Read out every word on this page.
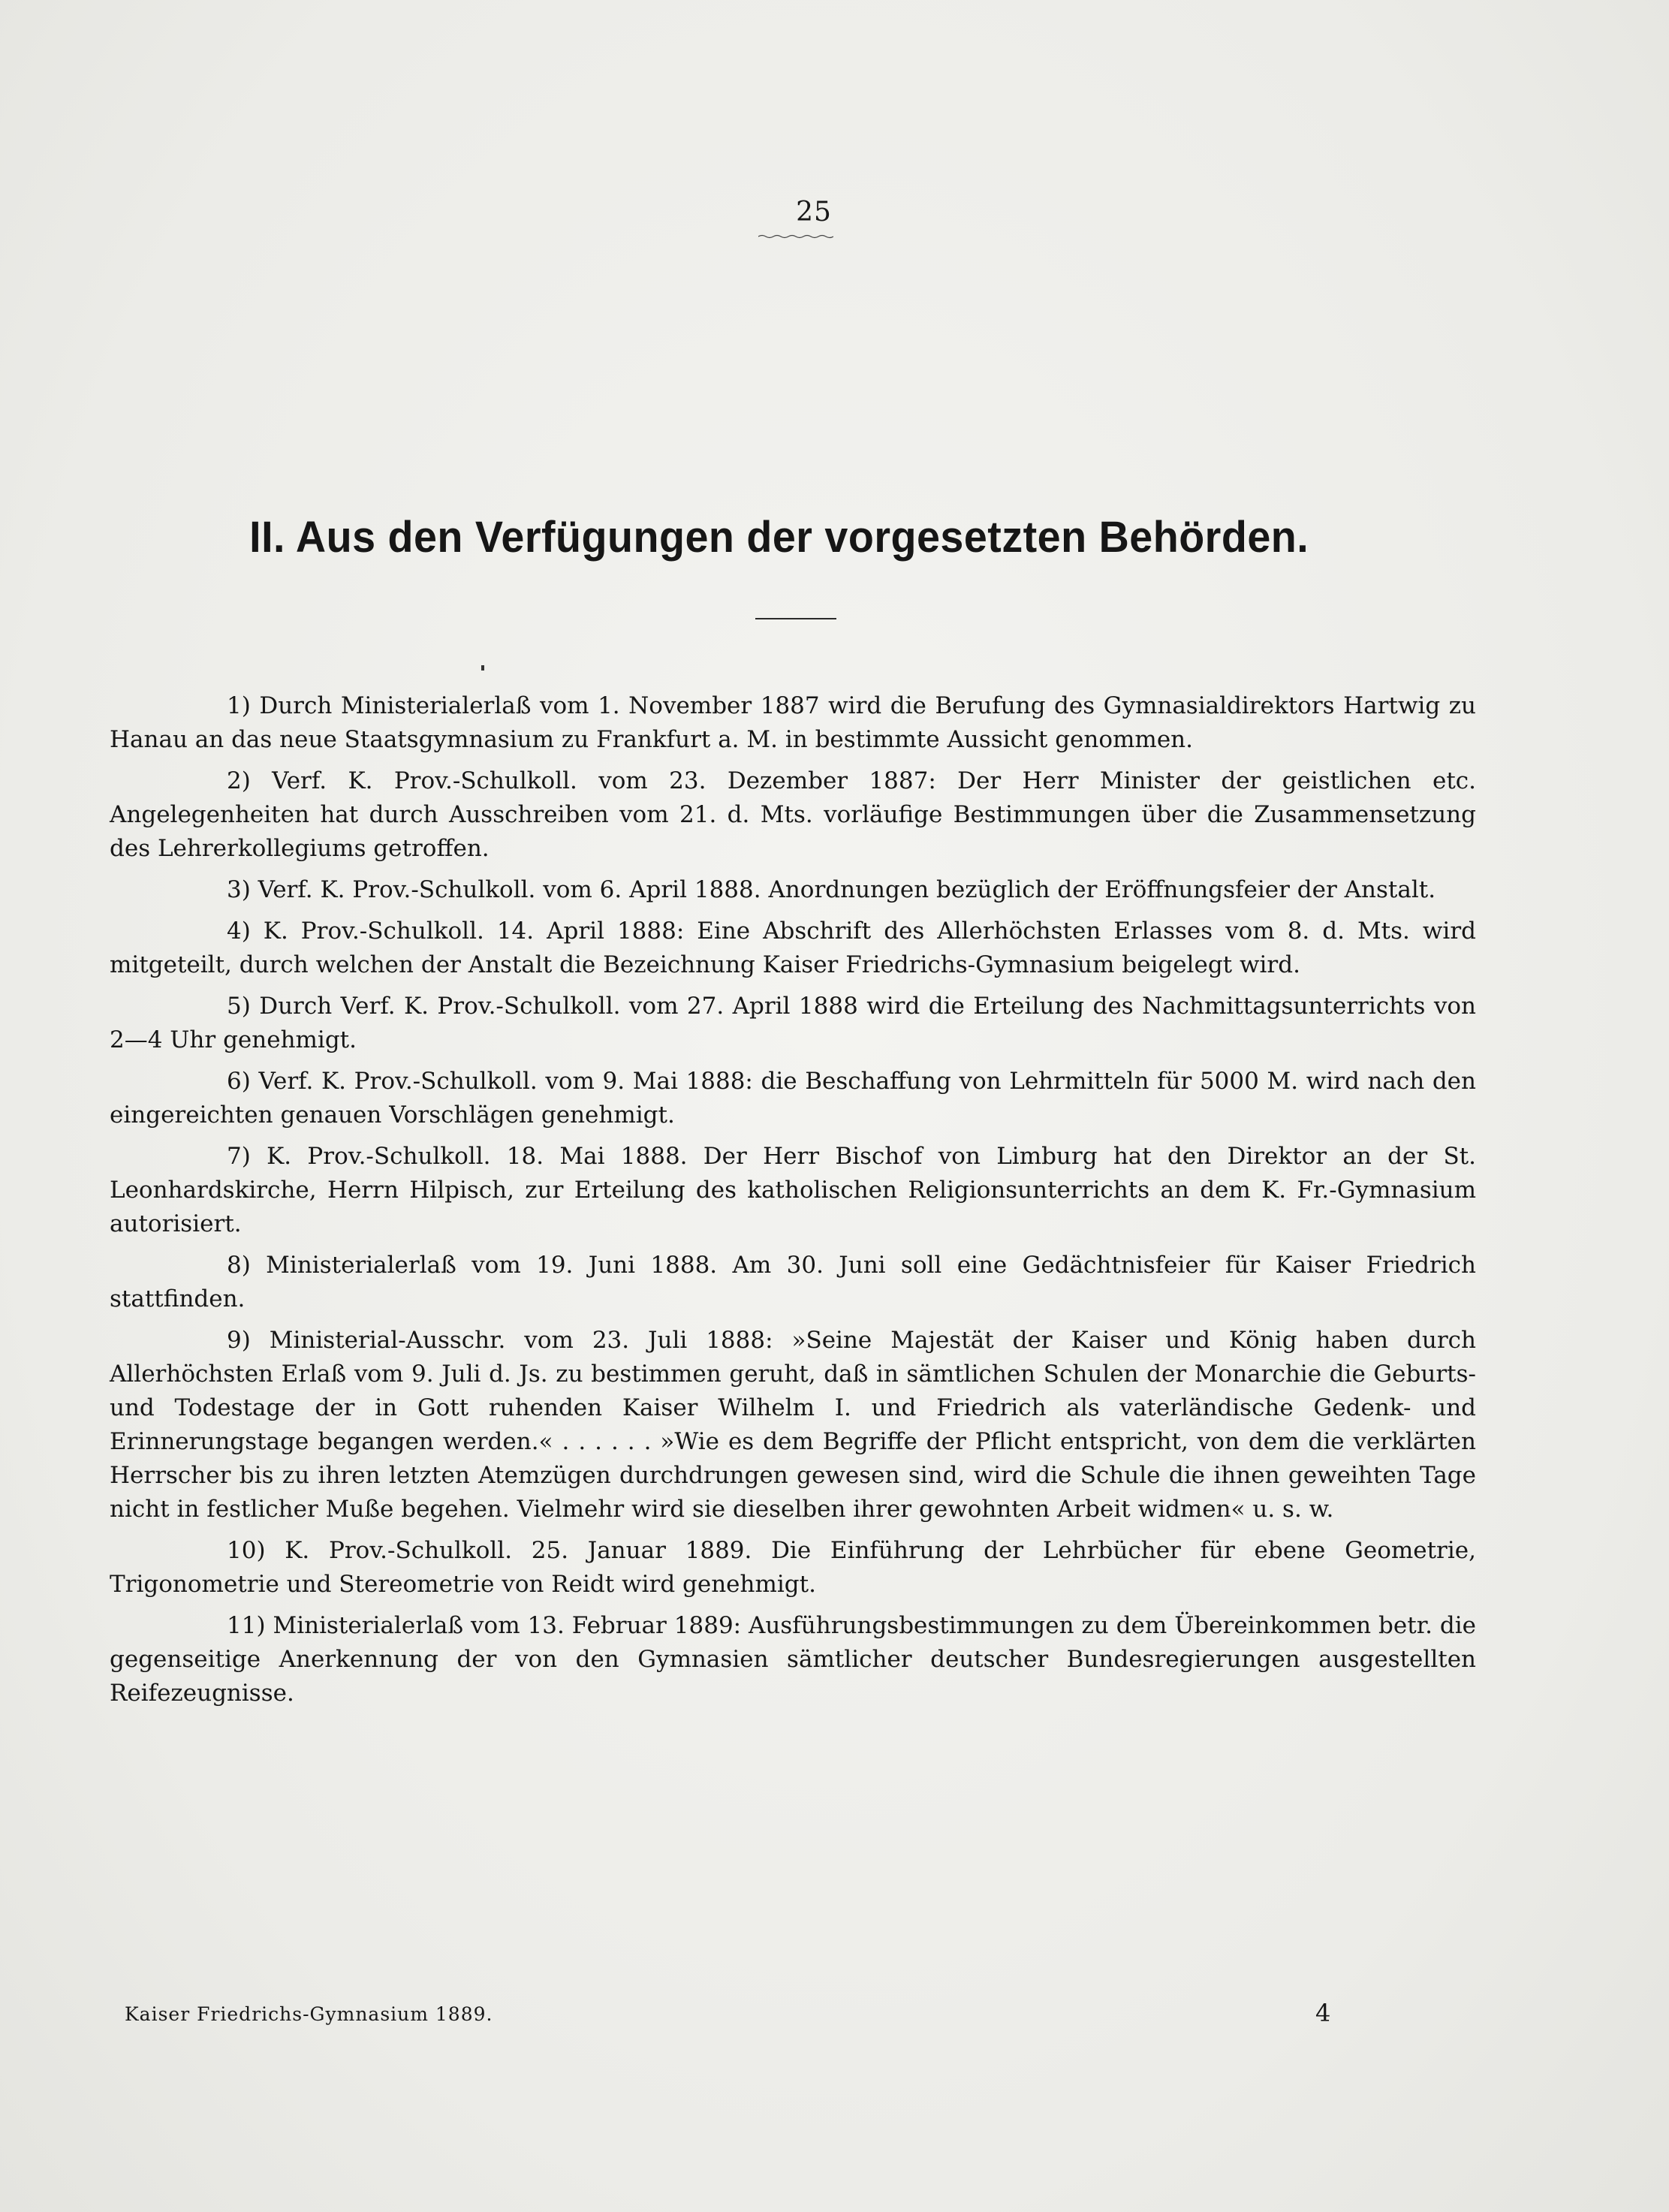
25
II. Aus den Verfügungen der vorgesetzten Behörden.

1) Durch Ministerialerlaß vom 1. November 1887 wird die Berufung des Gymnasialdirektors Hartwig zu Hanau an das neue Staatsgymnasium zu Frankfurt a. M. in bestimmte Aussicht genommen.

2) Verf. K. Prov.-Schulkoll. vom 23. Dezember 1887: Der Herr Minister der geistlichen etc. Angelegenheiten hat durch Ausschreiben vom 21. d. Mts. vorläufige Bestimmungen über die Zusammensetzung des Lehrerkollegiums getroffen.

3) Verf. K. Prov.-Schulkoll. vom 6. April 1888. Anordnungen bezüglich der Eröffnungsfeier der Anstalt.

4) K. Prov.-Schulkoll. 14. April 1888: Eine Abschrift des Allerhöchsten Erlasses vom 8. d. Mts. wird mitgeteilt, durch welchen der Anstalt die Bezeichnung Kaiser Friedrichs-Gymnasium beigelegt wird.

5) Durch Verf. K. Prov.-Schulkoll. vom 27. April 1888 wird die Erteilung des Nachmittagsunterrichts von 2—4 Uhr genehmigt.

6) Verf. K. Prov.-Schulkoll. vom 9. Mai 1888: die Beschaffung von Lehrmitteln für 5000 M. wird nach den eingereichten genauen Vorschlägen genehmigt.

7) K. Prov.-Schulkoll. 18. Mai 1888. Der Herr Bischof von Limburg hat den Direktor an der St. Leonhardskirche, Herrn Hilpisch, zur Erteilung des katholischen Religionsunterrichts an dem K. Fr.-Gymnasium autorisiert.

8) Ministerialerlaß vom 19. Juni 1888. Am 30. Juni soll eine Gedächtnisfeier für Kaiser Friedrich stattfinden.

9) Ministerial-Ausschr. vom 23. Juli 1888: »Seine Majestät der Kaiser und König haben durch Allerhöchsten Erlaß vom 9. Juli d. Js. zu bestimmen geruht, daß in sämtlichen Schulen der Monarchie die Geburts- und Todestage der in Gott ruhenden Kaiser Wilhelm I. und Friedrich als vaterländische Gedenk- und Erinnerungstage begangen werden.« . . . . . . »Wie es dem Begriffe der Pflicht entspricht, von dem die verklärten Herrscher bis zu ihren letzten Atemzügen durchdrungen gewesen sind, wird die Schule die ihnen geweihten Tage nicht in festlicher Muße begehen. Vielmehr wird sie dieselben ihrer gewohnten Arbeit widmen« u. s. w.

10) K. Prov.-Schulkoll. 25. Januar 1889. Die Einführung der Lehrbücher für ebene Geometrie, Trigonometrie und Stereometrie von Reidt wird genehmigt.

11) Ministerialerlaß vom 13. Februar 1889: Ausführungsbestimmungen zu dem Übereinkommen betr. die gegenseitige Anerkennung der von den Gymnasien sämtlicher deutscher Bundesregierungen ausgestellten Reifezeugnisse.

Kaiser Friedrichs-Gymnasium 1889.	4
